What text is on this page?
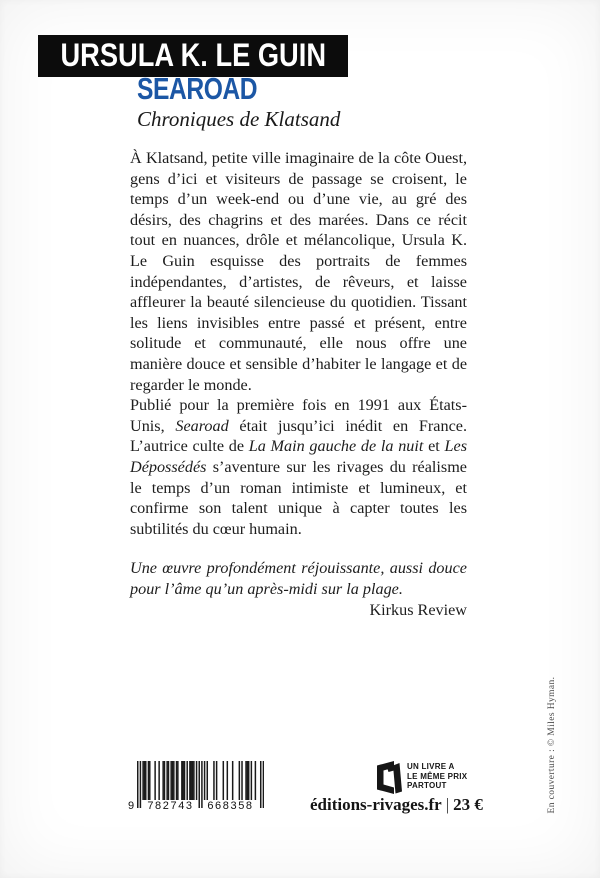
URSULA K. LE GUIN
SEAROAD
Chroniques de Klatsand

À Klatsand, petite ville imaginaire de la côte Ouest, gens d’ici et visiteurs de passage se croisent, le temps d’un week-end ou d’une vie, au gré des désirs, des chagrins et des marées. Dans ce récit tout en nuances, drôle et mélancolique, Ursula K. Le Guin esquisse des portraits de femmes indépendantes, d’artistes, de rêveurs, et laisse affleurer la beauté silencieuse du quotidien. Tissant les liens invisibles entre passé et présent, entre solitude et communauté, elle nous offre une manière douce et sensible d’habiter le langage et de regarder le monde.

Publié pour la première fois en 1991 aux États-Unis, Searoad était jusqu’ici inédit en France. L’autrice culte de La Main gauche de la nuit et Les Dépossédés s’aventure sur les rivages du réalisme le temps d’un roman intimiste et lumineux, et confirme son talent unique à capter toutes les subtilités du cœur humain.

Une œuvre profondément réjouissante, aussi douce pour l’âme qu’un après-midi sur la plage.
Kirkus Review
9	782743	668358
UN LIVRE A
LE MÊME PRIX
PARTOUT
éditions-rivages.fr | 23 €	En couverture : © Miles Hyman.
